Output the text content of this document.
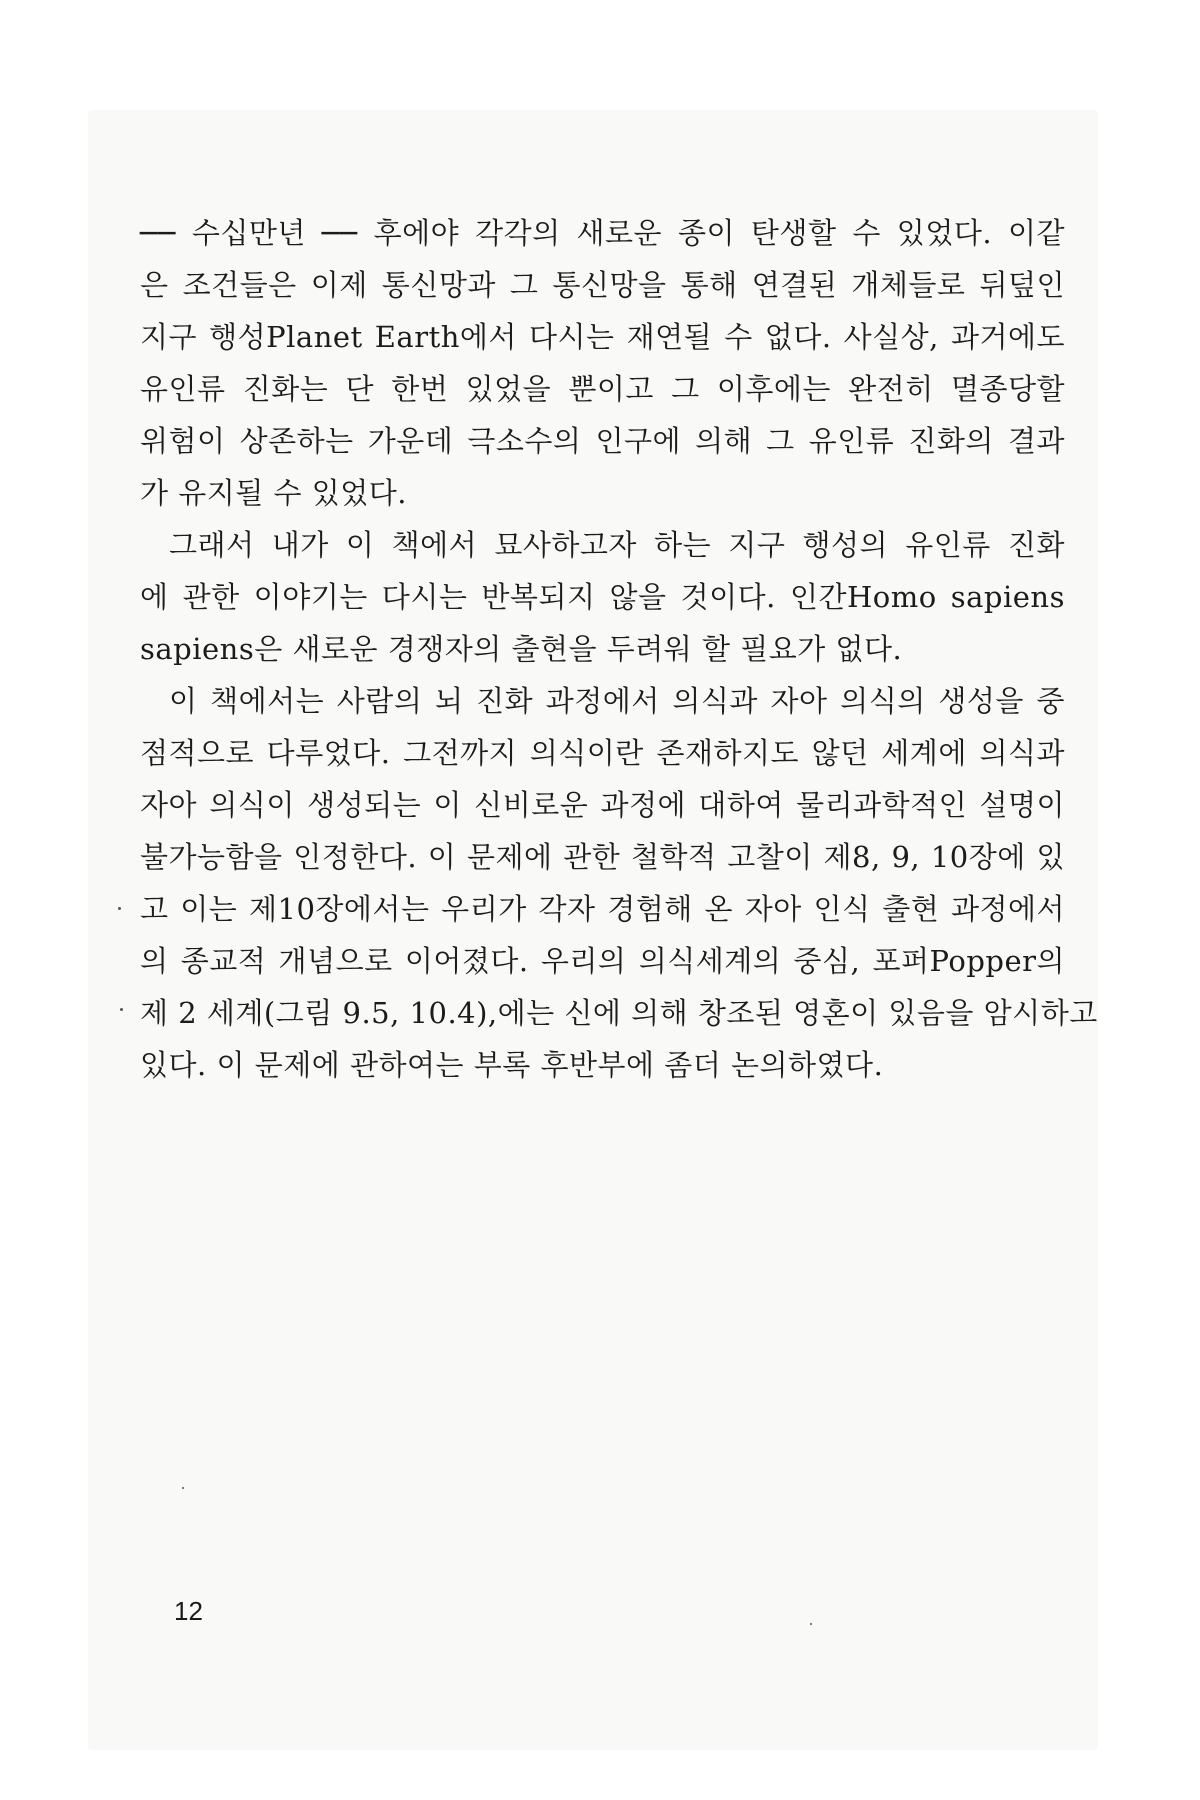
── 수십만년 ── 후에야 각각의 새로운 종이 탄생할 수 있었다. 이같
은 조건들은 이제 통신망과 그 통신망을 통해 연결된 개체들로 뒤덮인
지구 행성Planet Earth에서 다시는 재연될 수 없다. 사실상, 과거에도
유인류 진화는 단 한번 있었을 뿐이고 그 이후에는 완전히 멸종당할
위험이 상존하는 가운데 극소수의 인구에 의해 그 유인류 진화의 결과
가 유지될 수 있었다.
그래서 내가 이 책에서 묘사하고자 하는 지구 행성의 유인류 진화
에 관한 이야기는 다시는 반복되지 않을 것이다. 인간Homo sapiens
sapiens은 새로운 경쟁자의 출현을 두려워 할 필요가 없다.
이 책에서는 사람의 뇌 진화 과정에서 의식과 자아 의식의 생성을 중
점적으로 다루었다. 그전까지 의식이란 존재하지도 않던 세계에 의식과
자아 의식이 생성되는 이 신비로운 과정에 대하여 물리과학적인 설명이
불가능함을 인정한다. 이 문제에 관한 철학적 고찰이 제8, 9, 10장에 있
고 이는 제10장에서는 우리가 각자 경험해 온 자아 인식 출현 과정에서
의 종교적 개념으로 이어졌다. 우리의 의식세계의 중심, 포퍼Popper의
제 2 세계(그림 9.5, 10.4),에는 신에 의해 창조된 영혼이 있음을 암시하고
있다. 이 문제에 관하여는 부록 후반부에 좀더 논의하였다.
12
